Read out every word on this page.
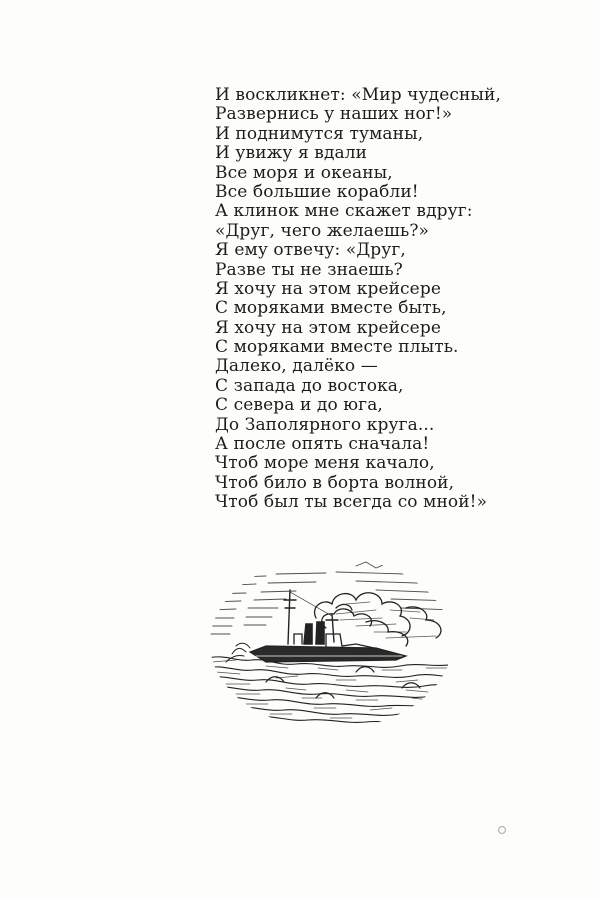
И воскликнет: «Мир чудесный,
Развернись у наших ног!»
И поднимутся туманы,
И увижу я вдали
Все моря и океаны,
Все большие корабли!
А клинок мне скажет вдруг:
«Друг, чего желаешь?»
Я ему отвечу: «Друг,
Разве ты не знаешь?
Я хочу на этом крейсере
С моряками вместе быть,
Я хочу на этом крейсере
С моряками вместе плыть.
Далеко, далёко —
С запада до востока,
С севера и до юга,
До Заполярного круга...
А после опять сначала!
Чтоб море меня качало,
Чтоб било в борта волной,
Чтоб был ты всегда со мной!»
